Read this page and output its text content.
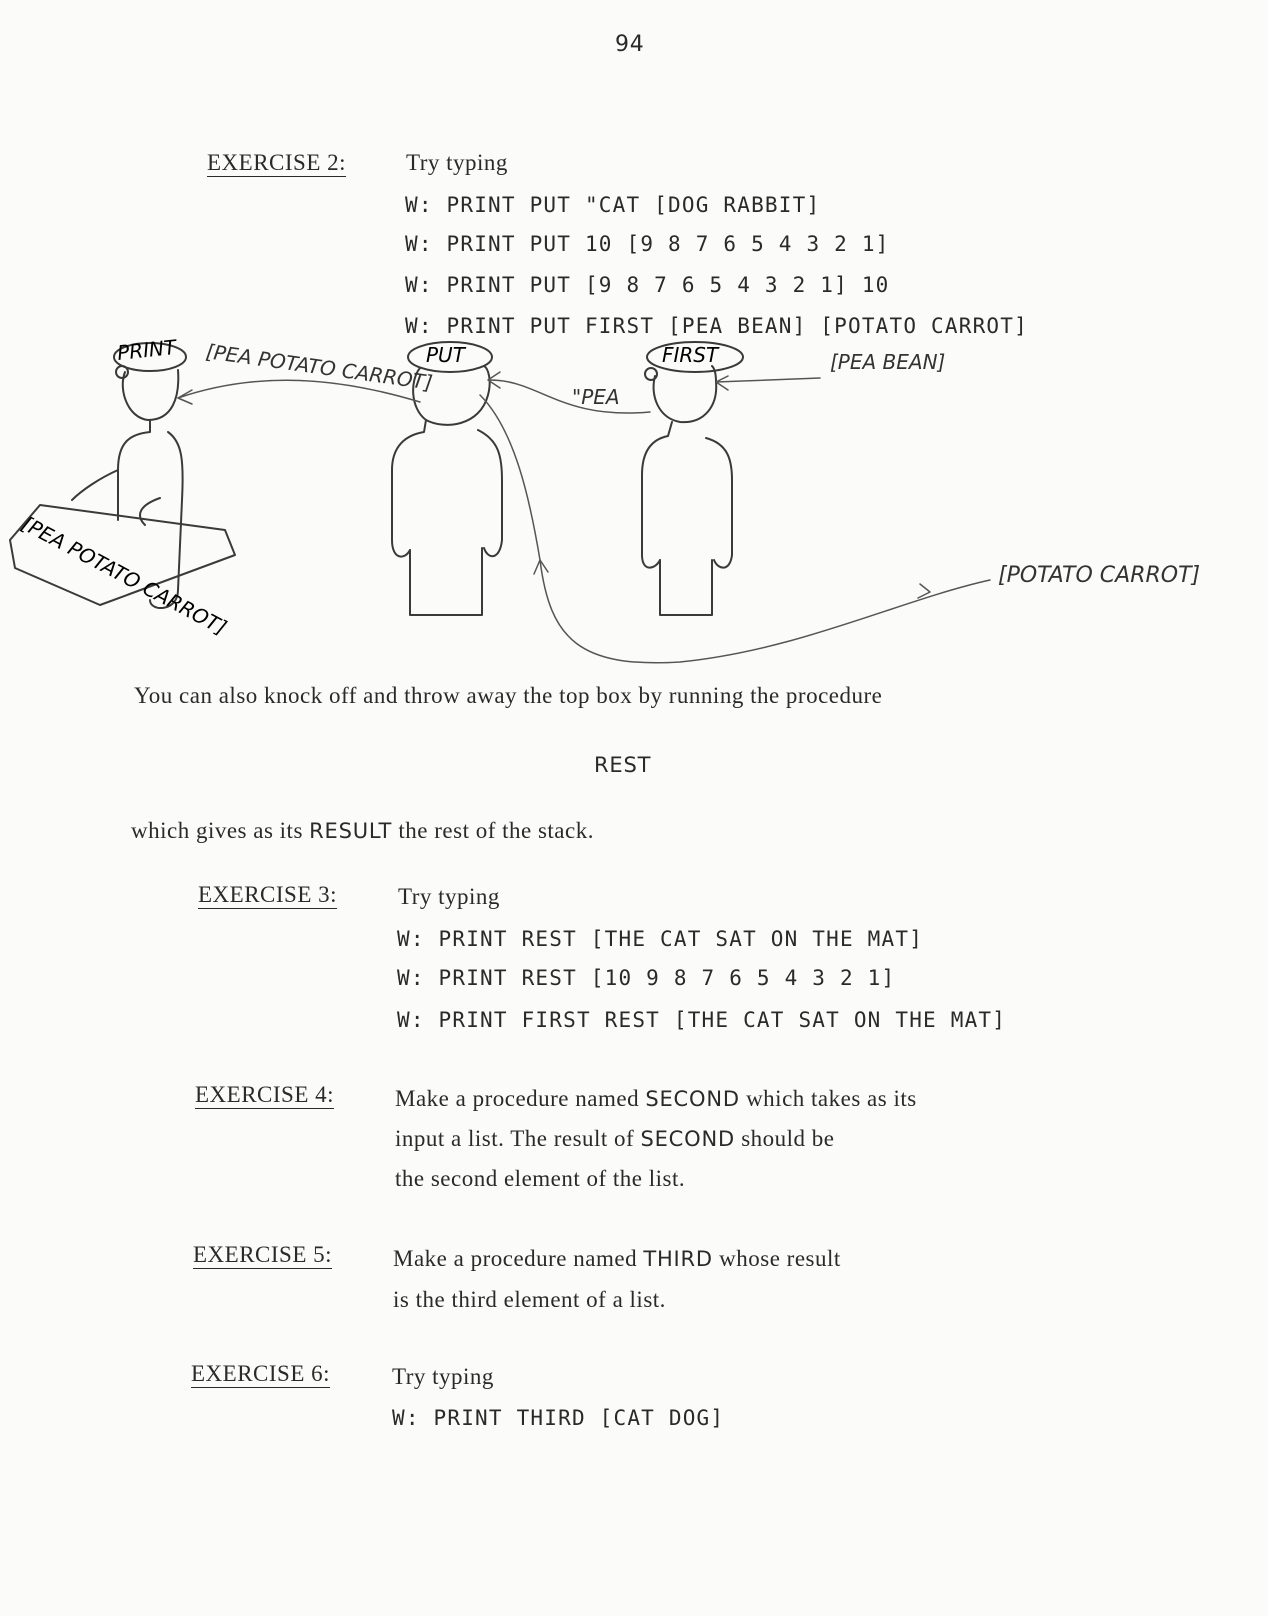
94
EXERCISE 2:	Try typing
W: PRINT PUT "CAT [DOG RABBIT]
W: PRINT PUT 10 [9 8 7 6 5 4 3 2 1]
W: PRINT PUT [9 8 7 6 5 4 3 2 1] 10
W: PRINT PUT FIRST [PEA BEAN] [POTATO CARROT]
PRINT
[PEA POTATO CARROT]
PUT	FIRST
[PEA POTATO CARROT]
"PEA
[PEA BEAN]
[POTATO CARROT]
You can also knock off and throw away the top box by running the procedure
REST
which gives as its RESULT the rest of the stack.
EXERCISE 3:	Try typing
W: PRINT REST [THE CAT SAT ON THE MAT]
W: PRINT REST [10 9 8 7 6 5 4 3 2 1]
W: PRINT FIRST REST [THE CAT SAT ON THE MAT]
EXERCISE 4:	Make a procedure named SECOND which takes as its
input a list. The result of SECOND should be
the second element of the list.
EXERCISE 5:	Make a procedure named THIRD whose result
is the third element of a list.
EXERCISE 6:	Try typing
W: PRINT THIRD [CAT DOG]
